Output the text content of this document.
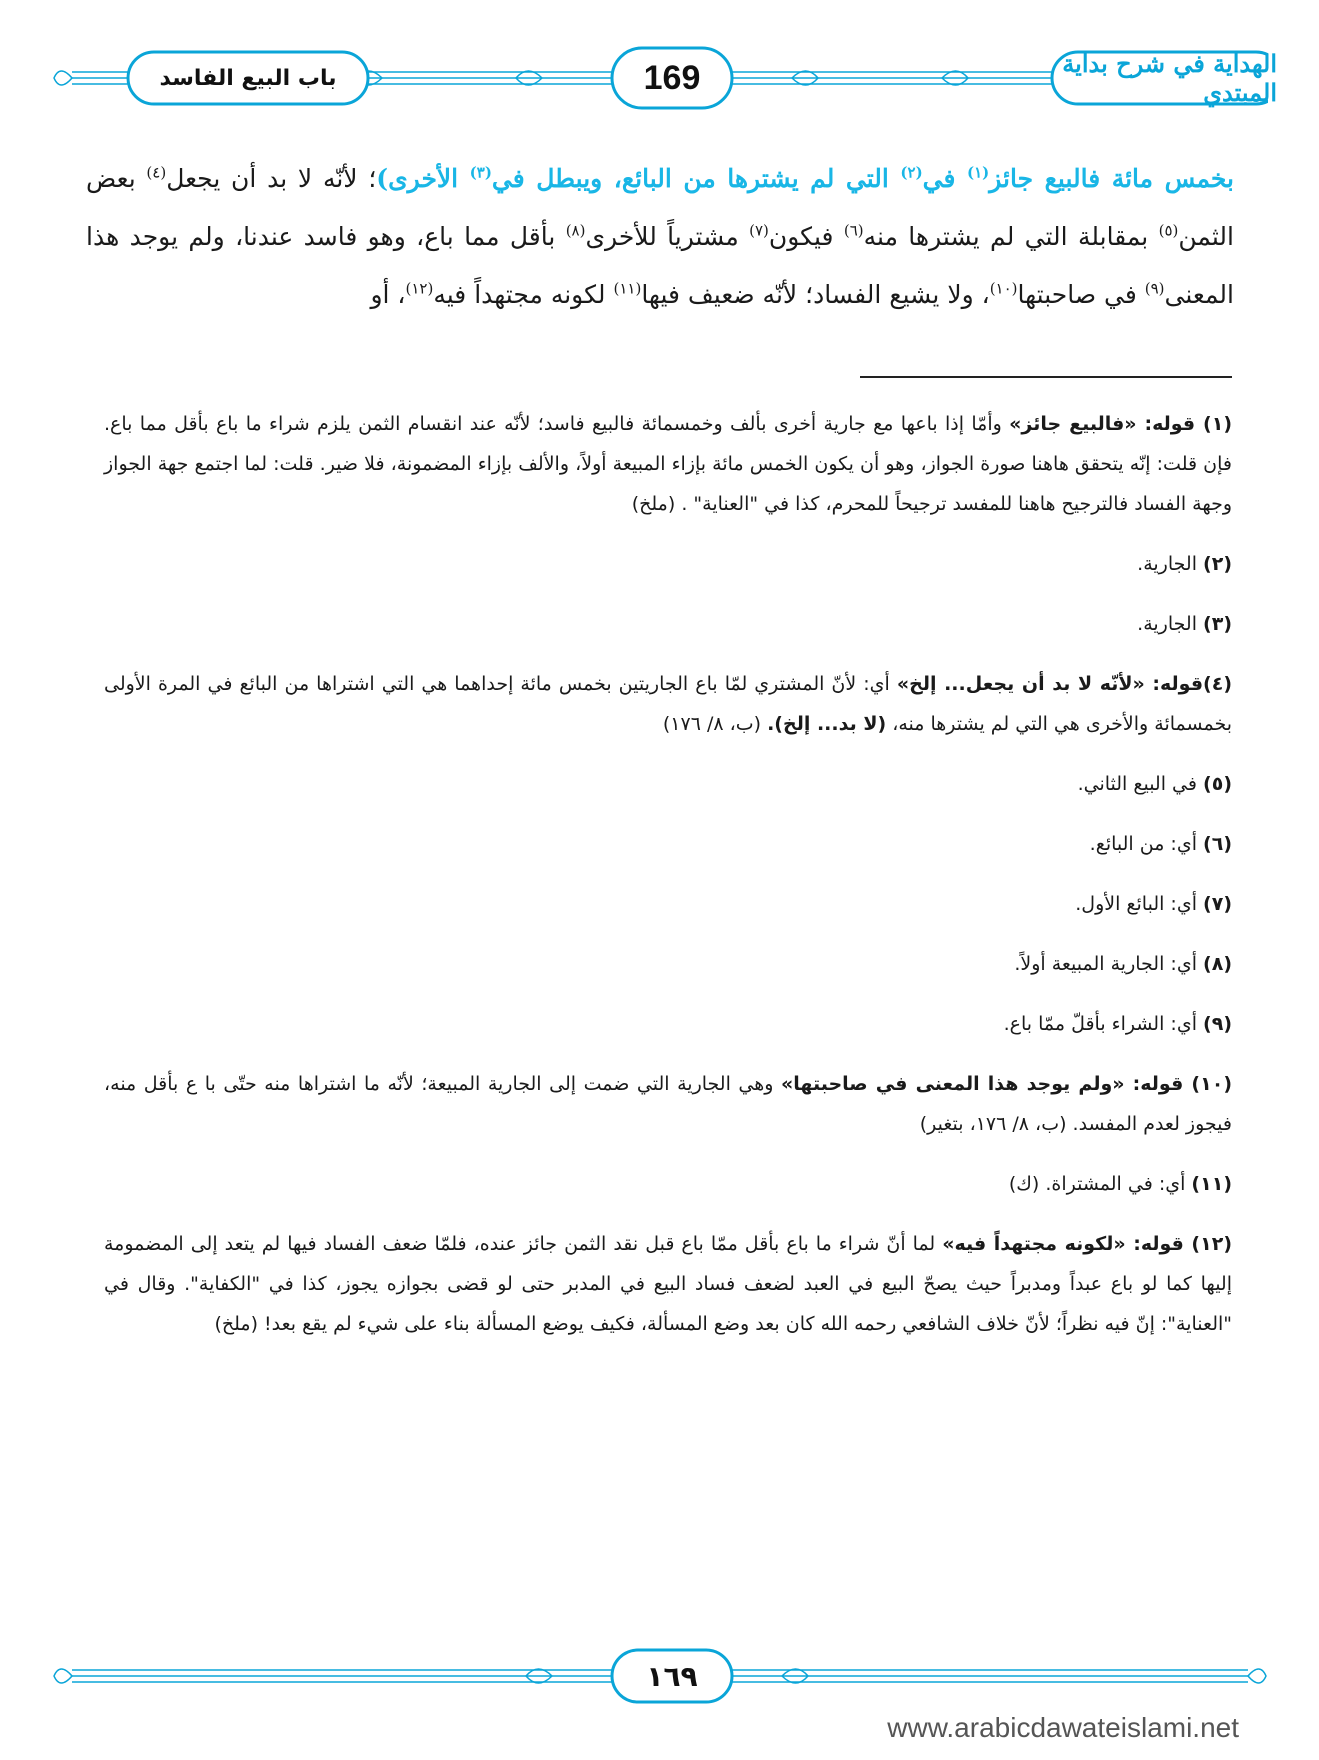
الهداية في شرح بداية المبتدي
169
باب البيع الفاسد
بخمس مائة فالبيع جائز$^{(١)}$ في$^{(٢)}$ التي لم يشترها من البائع، ويبطل في$^{(٣)}$ الأخرى)؛ لأنّه لا بد أن يجعل$^{(٤)}$ بعض الثمن$^{(٥)}$ بمقابلة التي لم يشترها منه$^{(٦)}$ فيكون$^{(٧)}$ مشترياً للأخرى$^{(٨)}$ بأقل مما باع، وهو فاسد عندنا، ولم يوجد هذا المعنى$^{(٩)}$ في صاحبتها$^{(١٠)}$، ولا يشيع الفساد؛ لأنّه ضعيف فيها$^{(١١)}$ لكونه مجتهداً فيه$^{(١٢)}$، أو

(١) قوله: «فالبيع جائز» وأمّا إذا باعها مع جارية أخرى بألف وخمسمائة فالبيع فاسد؛ لأنّه عند انقسام الثمن يلزم شراء ما باع بأقل مما باع. فإن قلت: إنّه يتحقق هاهنا صورة الجواز، وهو أن يكون الخمس مائة بإزاء المبيعة أولاً، والألف بإزاء المضمونة، فلا ضير. قلت: لما اجتمع جهة الجواز وجهة الفساد فالترجيح هاهنا للمفسد ترجيحاً للمحرم، كذا في "العناية" . (ملخ)

(٢) الجارية.

(٣) الجارية.

(٤)قوله: «لأنّه لا بد أن يجعل... إلخ» أي: لأنّ المشتري لمّا باع الجاريتين بخمس مائة إحداهما هي التي اشتراها من البائع في المرة الأولى بخمسمائة والأخرى هي التي لم يشترها منه، (لا بد... إلخ). (ب، ٨/ ١٧٦)

(٥) في البيع الثاني.

(٦) أي: من البائع.

(٧) أي: البائع الأول.

(٨) أي: الجارية المبيعة أولاً.

(٩) أي: الشراء بأقلّ ممّا باع.

(١٠) قوله: «ولم يوجد هذا المعنى في صاحبتها» وهي الجارية التي ضمت إلى الجارية المبيعة؛ لأنّه ما اشتراها منه حتّى با ع بأقل منه، فيجوز لعدم المفسد. (ب، ٨/ ١٧٦، بتغير)

(١١) أي: في المشتراة. (ك)

(١٢) قوله: «لكونه مجتهداً فيه» لما أنّ شراء ما باع بأقل ممّا باع قبل نقد الثمن جائز عنده، فلمّا ضعف الفساد فيها لم يتعد إلى المضمومة إليها كما لو باع عبداً ومدبراً حيث يصحّ البيع في العبد لضعف فساد البيع في المدبر حتى لو قضى بجوازه يجوز، كذا في "الكفاية". وقال في "العناية": إنّ فيه نظراً؛ لأنّ خلاف الشافعي رحمه الله كان بعد وضع المسألة، فكيف يوضع المسألة بناء على شيء لم يقع بعد! (ملخ)

١٦٩
www.arabicdawateislami.net
